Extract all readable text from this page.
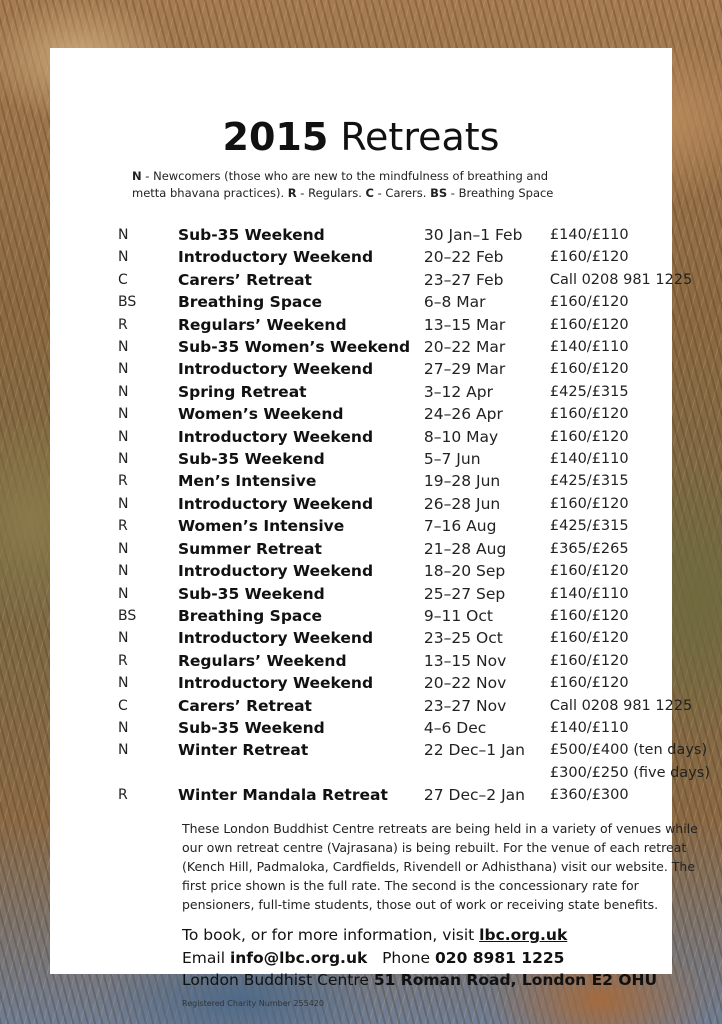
2015 Retreats
N - Newcomers (those who are new to the mindfulness of breathing and metta bhavana practices). R - Regulars. C - Carers. BS - Breathing Space
N	Sub-35 Weekend	30 Jan–1 Feb	£140/£110

N	Introductory Weekend	20–22 Feb	£160/£120

C	Carers’ Retreat	23–27 Feb	Call 0208 981 1225

BS	Breathing Space	6–8 Mar	£160/£120

R	Regulars’ Weekend	13–15 Mar	£160/£120

N	Sub-35 Women’s Weekend	20–22 Mar	£140/£110

N	Introductory Weekend	27–29 Mar	£160/£120

N	Spring Retreat	3–12 Apr	£425/£315

N	Women’s Weekend	24–26 Apr	£160/£120

N	Introductory Weekend	8–10 May	£160/£120

N	Sub-35 Weekend	5–7 Jun	£140/£110

R	Men’s Intensive	19–28 Jun	£425/£315

N	Introductory Weekend	26–28 Jun	£160/£120

R	Women’s Intensive	7–16 Aug	£425/£315

N	Summer Retreat	21–28 Aug	£365/£265

N	Introductory Weekend	18–20 Sep	£160/£120

N	Sub-35 Weekend	25–27 Sep	£140/£110

BS	Breathing Space	9–11 Oct	£160/£120

N	Introductory Weekend	23–25 Oct	£160/£120

R	Regulars’ Weekend	13–15 Nov	£160/£120

N	Introductory Weekend	20–22 Nov	£160/£120

C	Carers’ Retreat	23–27 Nov	Call 0208 981 1225

N	Sub-35 Weekend	4–6 Dec	£140/£110

N	Winter Retreat	22 Dec–1 Jan	£500/£400 (ten days)
£300/£250 (five days)

R	Winter Mandala Retreat	27 Dec–2 Jan	£360/£300
These London Buddhist Centre retreats are being held in a variety of venues while our own retreat centre (Vajrasana) is being rebuilt. For the venue of each retreat (Kench Hill, Padmaloka, Cardfields, Rivendell or Adhisthana) visit our website. The first price shown is the full rate. The second is the concessionary rate for pensioners, full-time students, those out of work or receiving state benefits.
To book, or for more information, visit lbc.org.uk
Email info@lbc.org.uk Phone 020 8981 1225
London Buddhist Centre 51 Roman Road, London E2 OHU
Registered Charity Number 255420
